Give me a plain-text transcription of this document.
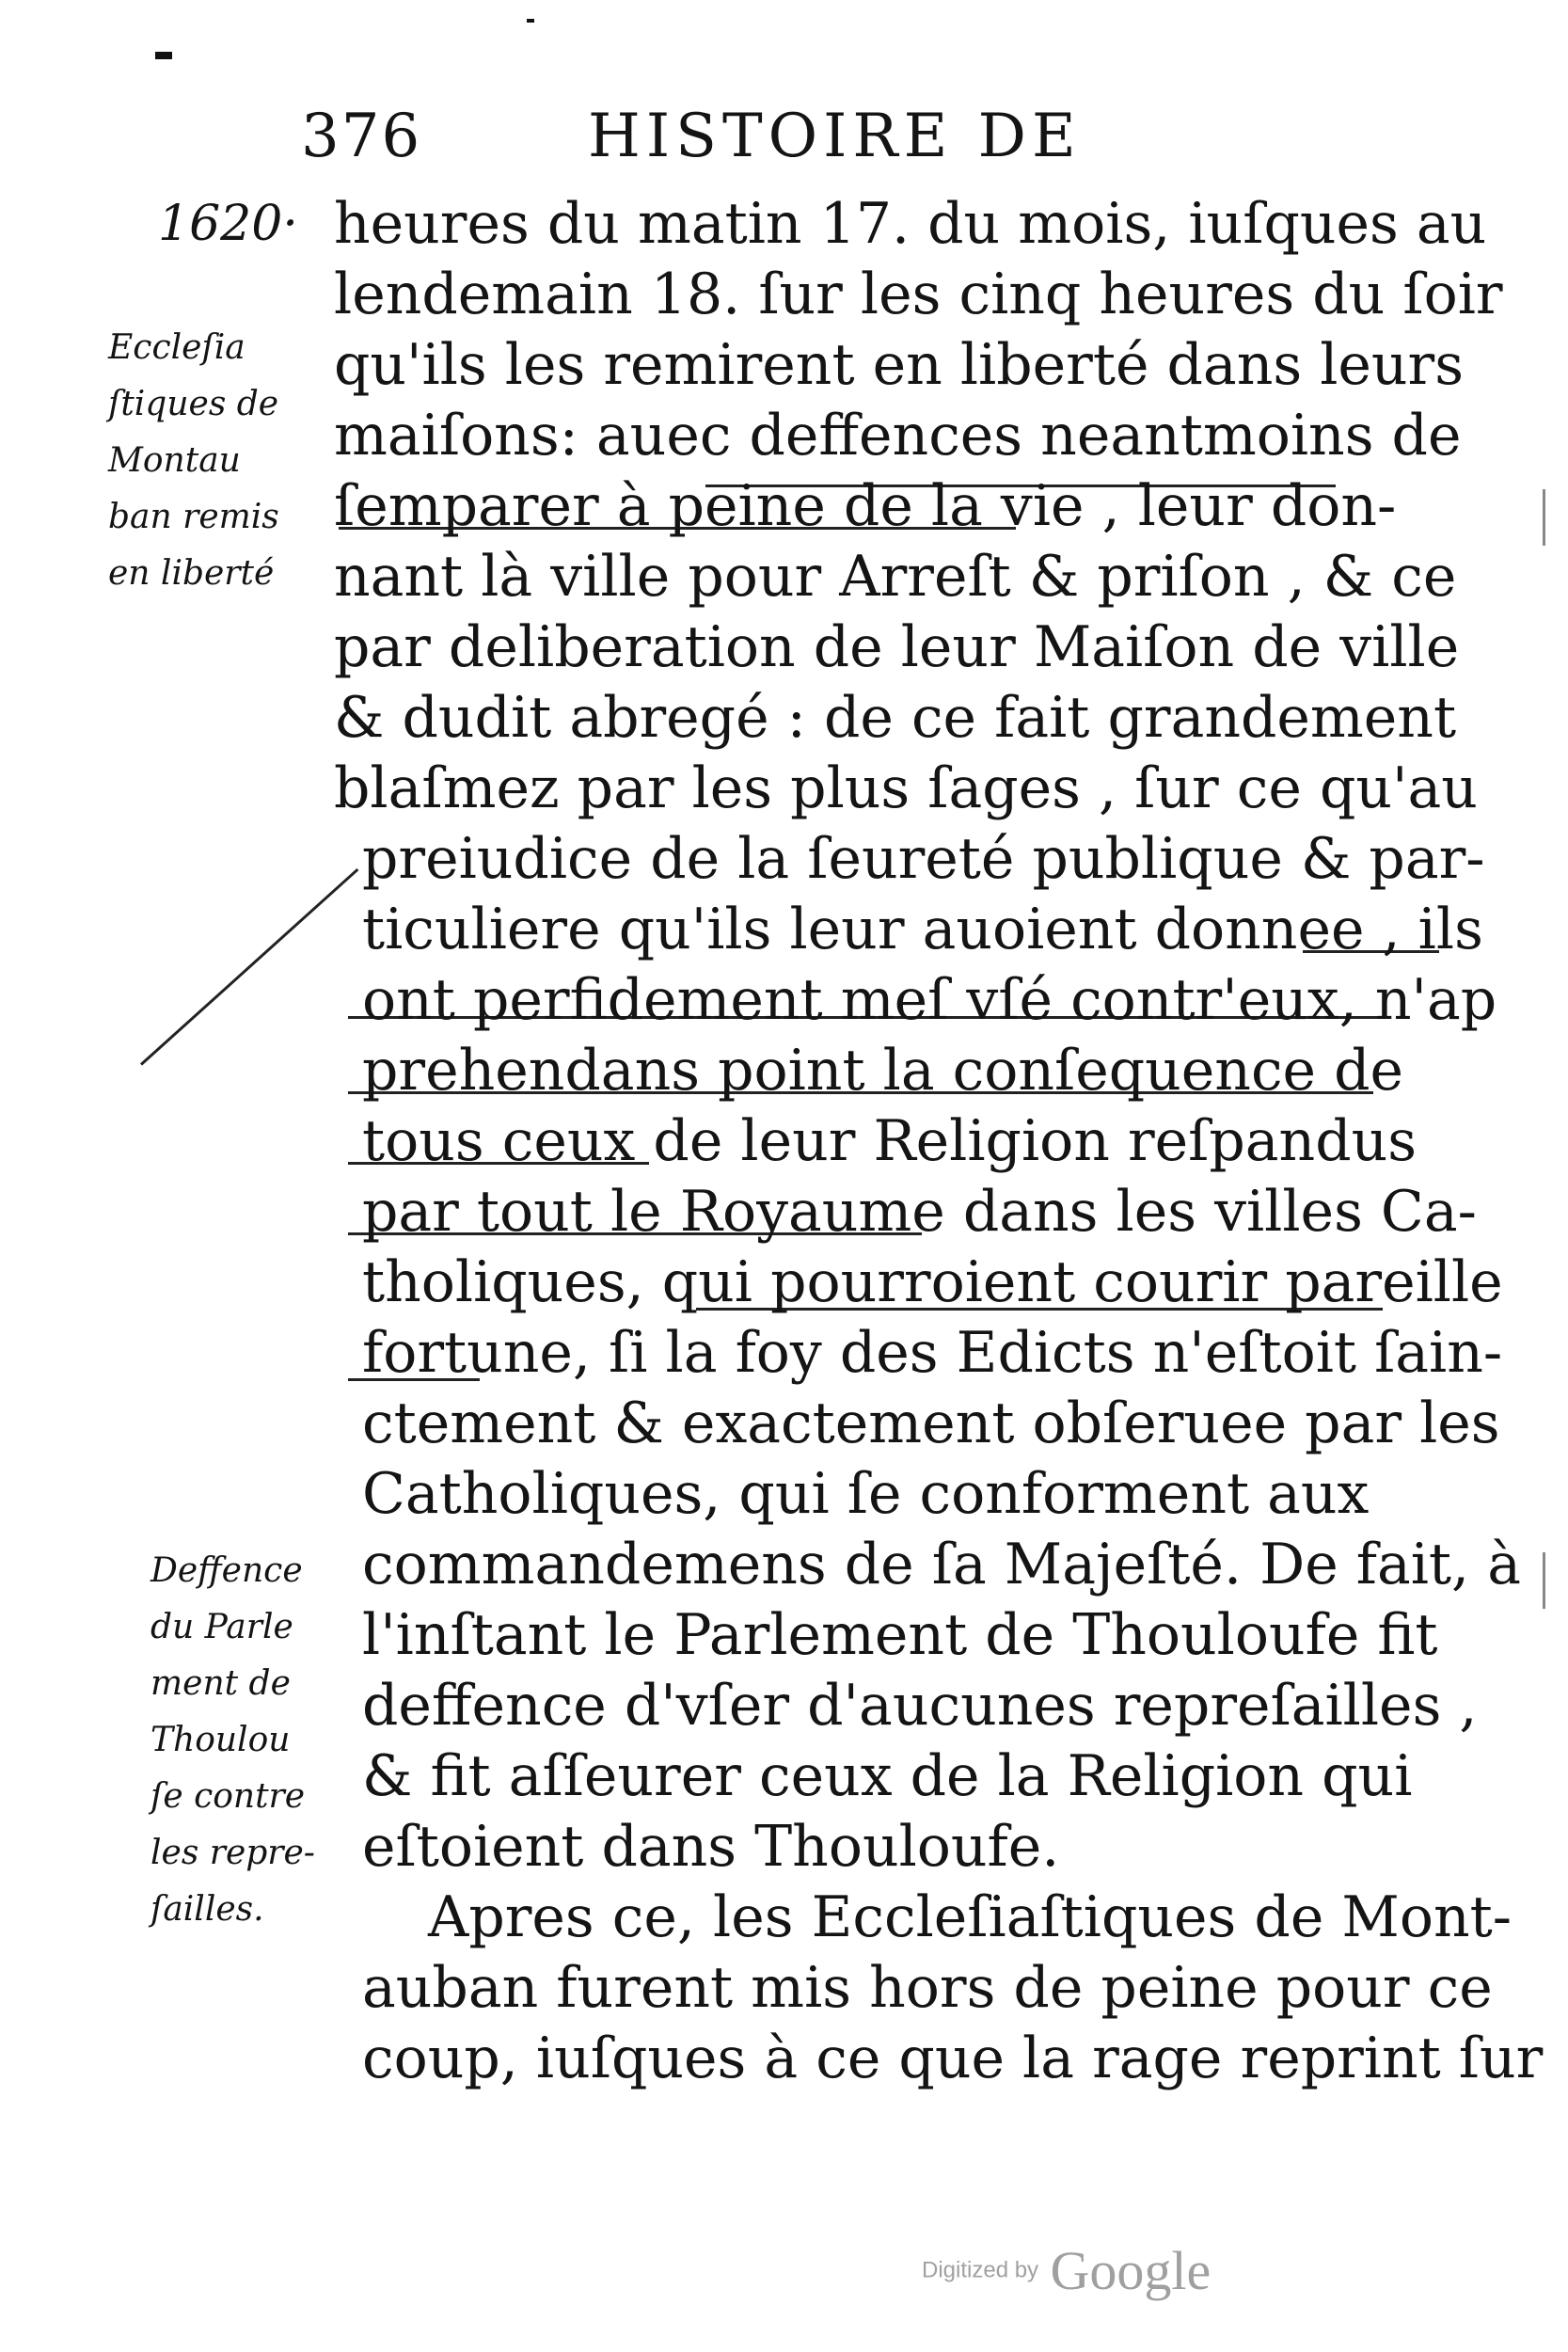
376	HISTOIRE DE
1620·
Eccleſia
ſtiques de
Montau
ban remis
en liberté
Deffence
du Parle
ment de
Thoulou
ſe contre
les repre-
ſailles.
heures du matin 17. du mois, iuſques au
lendemain 18. ſur les cinq heures du ſoir
qu'ils les remirent en liberté dans leurs
maiſons: auec deffences neantmoins de
ſemparer à peine de la vie , leur don-
nant là ville pour Arreſt & priſon , & ce
par deliberation de leur Maiſon de ville
& dudit abregé : de ce fait grandement
blaſmez par les plus ſages , ſur ce qu'au
preiudice de la ſeureté publique & par-
ticuliere qu'ils leur auoient donnee , ils
ont perfidement meſ vſé contr'eux, n'ap
prehendans point la conſequence de
tous ceux de leur Religion reſpandus
par tout le Royaume dans les villes Ca-
tholiques, qui pourroient courir pareille
fortune, ſi la foy des Edicts n'eſtoit ſain-
ctement & exactement obſeruee par les
Catholiques, qui ſe conforment aux
commandemens de ſa Majeſté. De fait, à
l'inſtant le Parlement de Thouloufe fit
deffence d'vſer d'aucunes repreſailles ,
& fit aſſeurer ceux de la Religion qui
eſtoient dans Thouloufe.
Apres ce, les Eccleſiaſtiques de Mont-
auban furent mis hors de peine pour ce
coup, iuſques à ce que la rage reprint ſur
Digitized by Google
